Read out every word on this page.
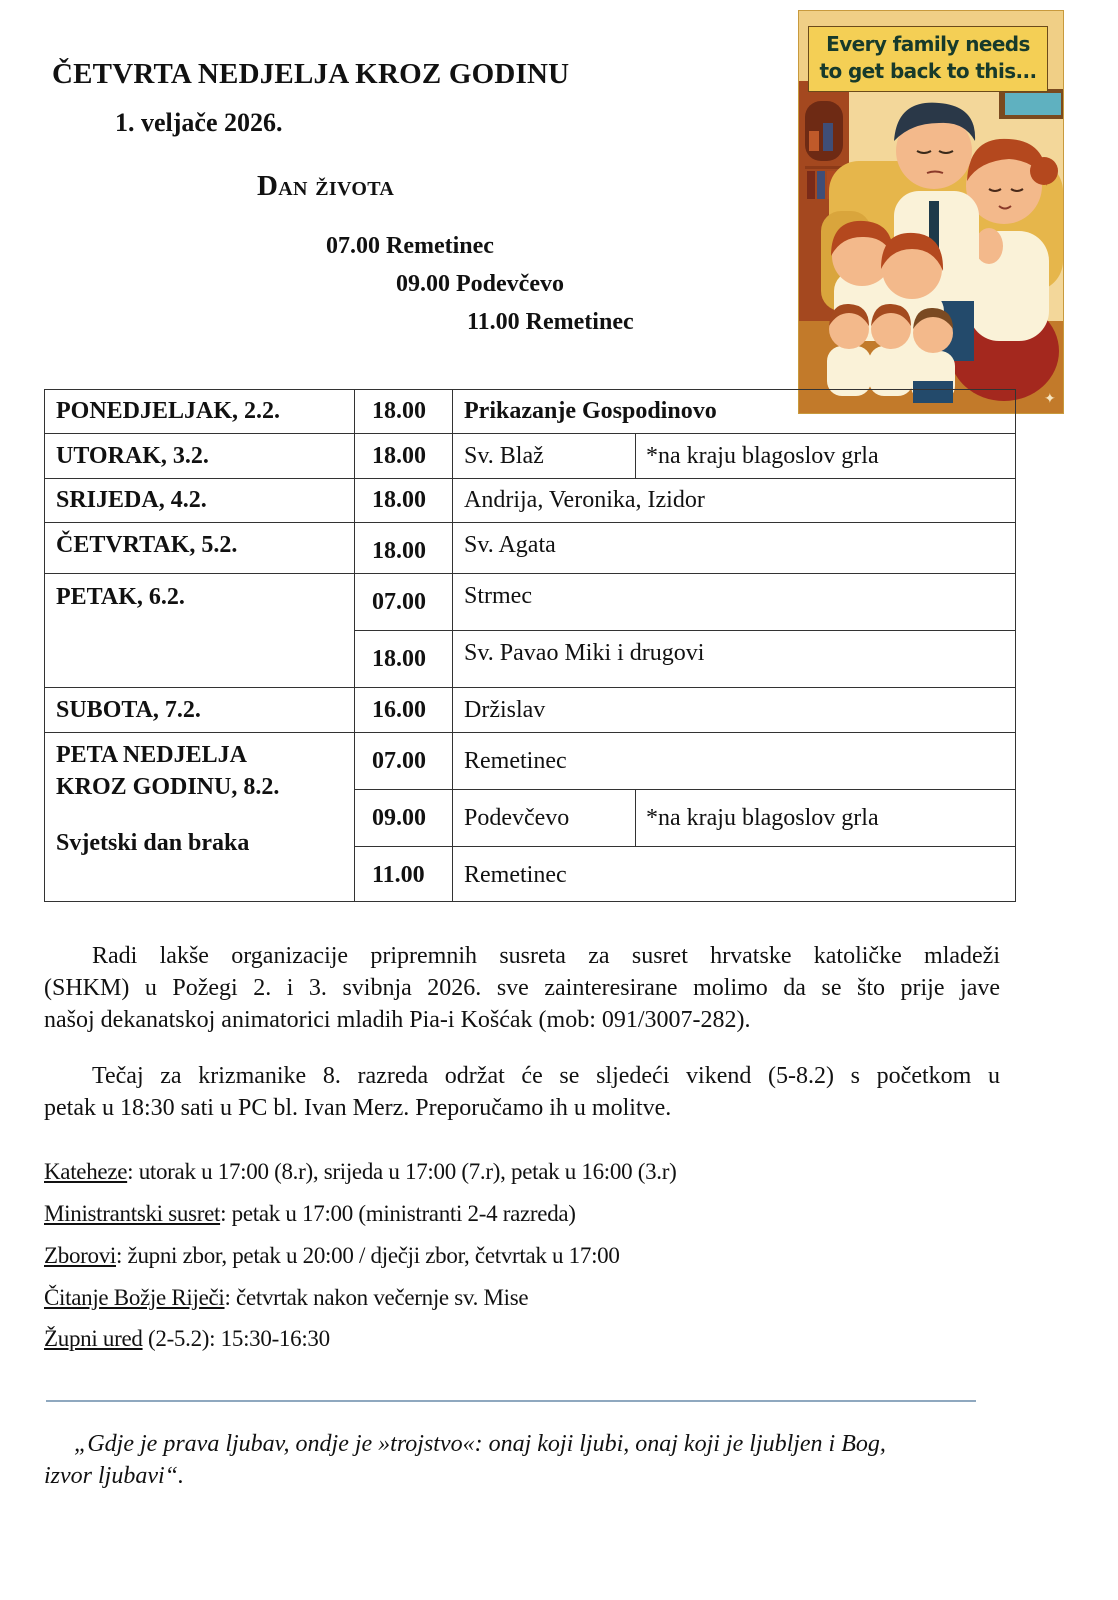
ČETVRTA NEDJELJA KROZ GODINU
1. veljače 2026.
Dan života
07.00 Remetinec
09.00 Podevčevo
11.00 Remetinec
✦
Every family needs
to get back to this...
PONEDJELJAK, 2.2.	18.00 Prikazanje Gospodinovo
UTORAK, 3.2.	18.00 Sv. Blaž	*na kraju blagoslov grla
SRIJEDA, 4.2.	18.00 Andrija, Veronika, Izidor
ČETVRTAK, 5.2.	18.00 Sv. Agata
PETAK, 6.2.	07.00 Strmec
18.00 Sv. Pavao Miki i drugovi
SUBOTA, 7.2.	16.00 Držislav
PETA NEDJELJA
KROZ GODINU, 8.2.
Svjetski dan braka
07.00 Remetinec
09.00 Podevčevo	*na kraju blagoslov grla
11.00 Remetinec
Radi lakše organizacije pripremnih susreta za susret hrvatske katoličke mladeži
(SHKM) u Požegi 2. i 3. svibnja 2026. sve zainteresirane molimo da se što prije jave
našoj dekanatskoj animatorici mladih Pia-i Košćak (mob: 091/3007-282).
Tečaj za krizmanike 8. razreda održat će se sljedeći vikend (5-8.2) s početkom u
petak u 18:30 sati u PC bl. Ivan Merz. Preporučamo ih u molitve.
Kateheze: utorak u 17:00 (8.r), srijeda u 17:00 (7.r), petak u 16:00 (3.r)
Ministrantski susret: petak u 17:00 (ministranti 2-4 razreda)
Zborovi: župni zbor, petak u 20:00 / dječji zbor, četvrtak u 17:00
Čitanje Božje Riječi: četvrtak nakon večernje sv. Mise
Župni ured (2-5.2): 15:30-16:30
„Gdje je prava ljubav, ondje je »trojstvo«: onaj koji ljubi, onaj koji je ljubljen i Bog,
izvor ljubavi“.
